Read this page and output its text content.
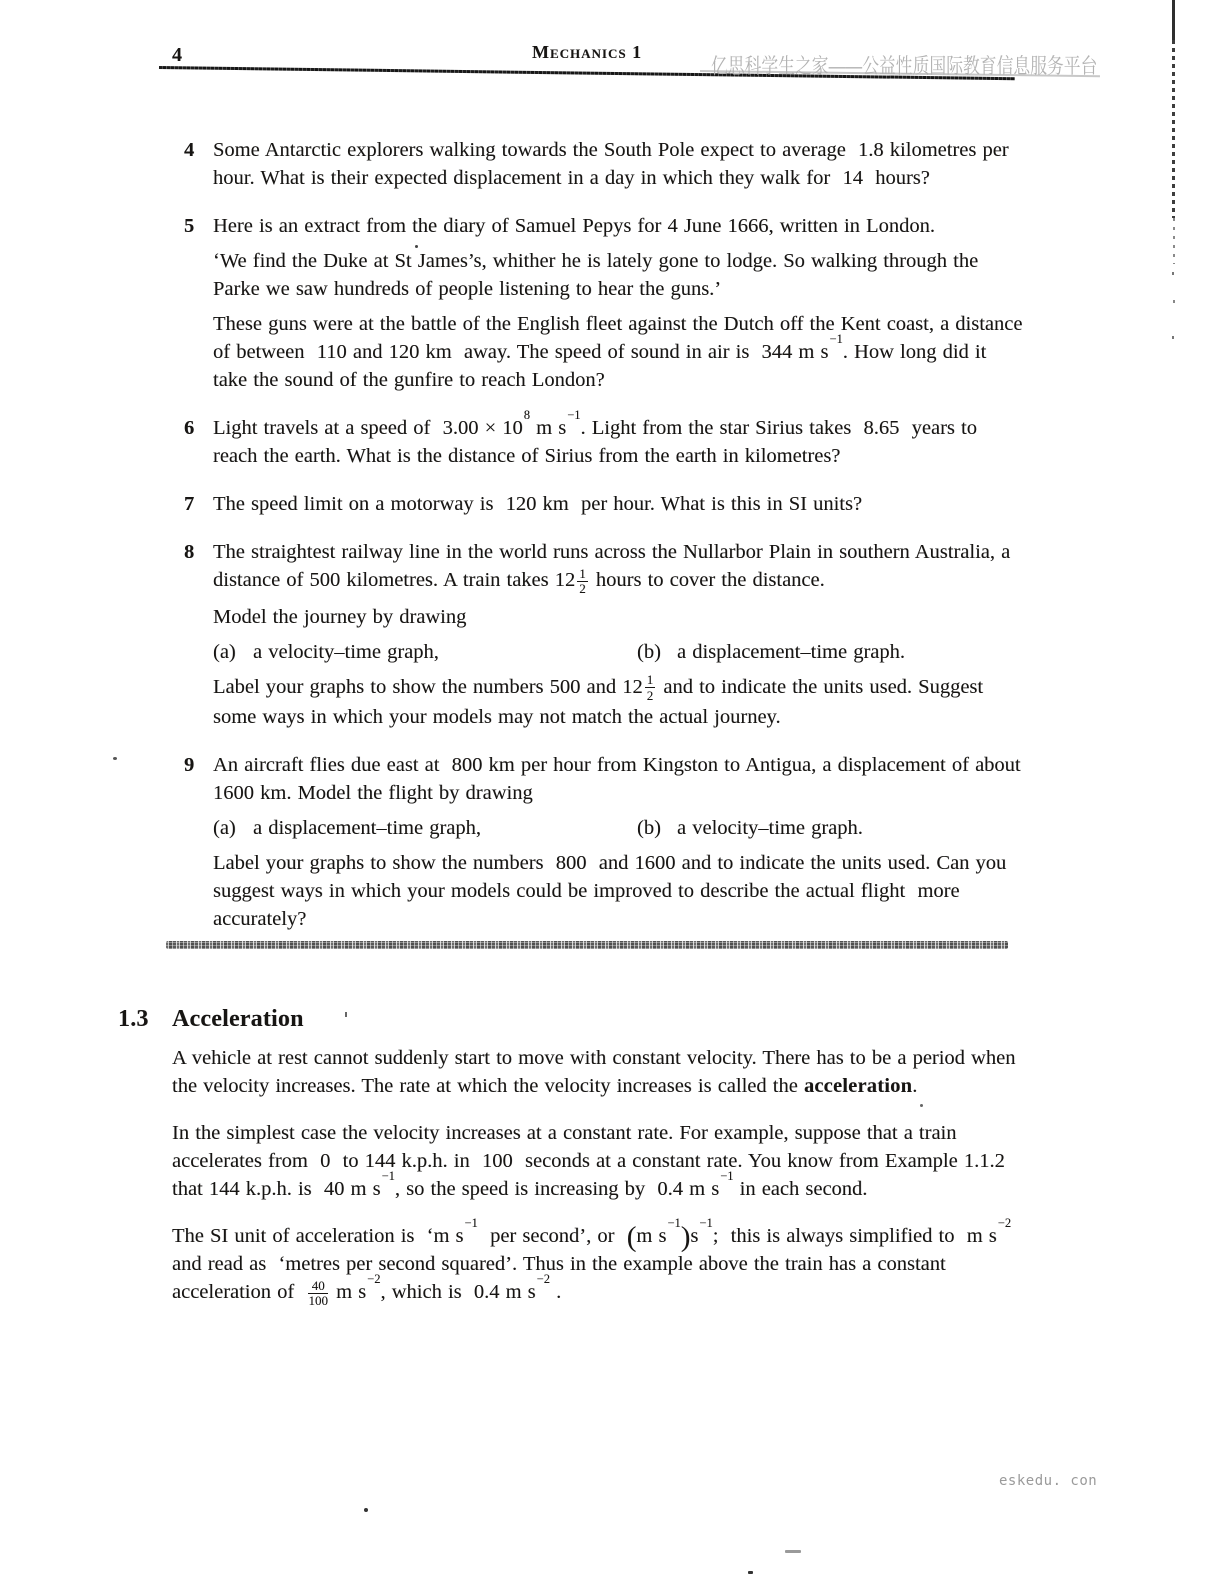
4	Mechanics 1
亿思科学生之家——公益性质国际教育信息服务平台
4 Some Antarctic explorers walking towards the South Pole expect to average  1.8 kilometres per hour. What is their expected displacement in a day in which they walk for  14  hours?
5 Here is an extract from the diary of Samuel Pepys for 4 June 1666, written in London.
‘We find the Duke at St James’s, whither he is lately gone to lodge. So walking through the Parke we saw hundreds of people listening to hear the guns.’
These guns were at the battle of the English fleet against the Dutch off the Kent coast, a distance of between  110 and 120 km  away. The speed of sound in air is  344 m $s^{-1}$. How long did it take the sound of the gunfire to reach London?
6 Light travels at a speed of  $3.00 \times 10^8$ m $s^{-1}$. Light from the star Sirius takes  8.65  years to reach the earth. What is the distance of Sirius from the earth in kilometres?
7 The speed limit on a motorway is  120 km  per hour. What is this in SI units?
8 The straightest railway line in the world runs across the Nullarbor Plain in southern Australia, a distance of 500 kilometres. A train takes $12 \frac{1}{2}$ hours to cover the distance.
Model the journey by drawing
(a) a velocity–time graph,	(b) a displacement–time graph.
Label your graphs to show the numbers 500 and $12 \frac{1}{2}$ and to indicate the units used. Suggest some ways in which your models may not match the actual journey.
9 An aircraft flies due east at  800 km per hour from Kingston to Antigua, a displacement of about  1600 km. Model the flight by drawing
(a) a displacement–time graph,	(b) a velocity–time graph.
Label your graphs to show the numbers  800  and 1600 and to indicate the units used. Can you suggest ways in which your models could be improved to describe the actual flight  more accurately?
1.3 Acceleration
A vehicle at rest cannot suddenly start to move with constant velocity. There has to be a period when the velocity increases. The rate at which the velocity increases is called the acceleration.
In the simplest case the velocity increases at a constant rate. For example, suppose that a train accelerates from  0  to 144 k.p.h. in  100  seconds at a constant rate. You know from Example 1.1.2 that 144 k.p.h. is  40 m $s^{-1}$, so the speed is increasing by  0.4 m $s^{-1}$ in each second.
The SI unit of acceleration is  ‘m $s^{-1}$  per second’, or  (m $s^{-1})s^{-1}$;  this is always simplified to  m $s^{-2}$  and read as  ‘metres per second squared’. Thus in the example above the train has a constant acceleration of $\frac{40}{100}$ m $s^{-2}$, which is  0.4 m $s^{-2}$ .
eskedu. con
